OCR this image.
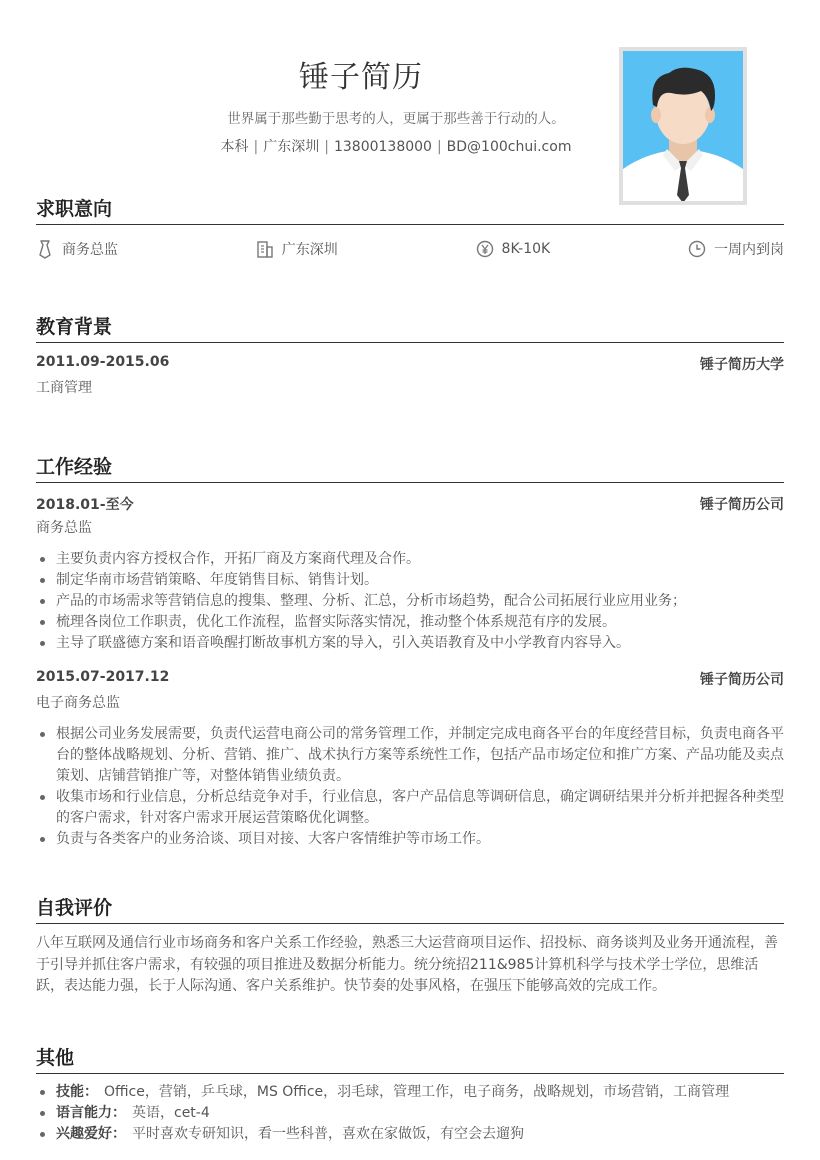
锤子简历
世界属于那些勤于思考的人，更属于那些善于行动的人。
本科 | 广东深圳 | 13800138000 | BD@100chui.com
求职意向
商务总监	广东深圳	8K-10K	一周内到岗
教育背景
2011.09-2015.06	锤子简历大学
工商管理
工作经验
2018.01-至今	锤子简历公司
商务总监
主要负责内容方授权合作，开拓厂商及方案商代理及合作。
制定华南市场营销策略、年度销售目标、销售计划。
产品的市场需求等营销信息的搜集、整理、分析、汇总，分析市场趋势，配合公司拓展行业应用业务；
梳理各岗位工作职责，优化工作流程，监督实际落实情况，推动整个体系规范有序的发展。
主导了联盛德方案和语音唤醒打断故事机方案的导入，引入英语教育及中小学教育内容导入。
2015.07-2017.12	锤子简历公司
电子商务总监
根据公司业务发展需要，负责代运营电商公司的常务管理工作，并制定完成电商各平台的年度经营目标，负责电商各平台的整体战略规划、分析、营销、推广、战术执行方案等系统性工作，包括产品市场定位和推广方案、产品功能及卖点策划、店铺营销推广等，对整体销售业绩负责。
收集市场和行业信息，分析总结竞争对手，行业信息，客户产品信息等调研信息，确定调研结果并分析并把握各种类型的客户需求，针对客户需求开展运营策略优化调整。
负责与各类客户的业务洽谈、项目对接、大客户客情维护等市场工作。
自我评价
八年互联网及通信行业市场商务和客户关系工作经验，熟悉三大运营商项目运作、招投标、商务谈判及业务开通流程，善于引导并抓住客户需求，有较强的项目推进及数据分析能力。统分统招211&985计算机科学与技术学士学位，思维活跃，表达能力强，长于人际沟通、客户关系维护。快节奏的处事风格，在强压下能够高效的完成工作。
其他
技能： Office，营销，乒乓球，MS Office，羽毛球，管理工作，电子商务，战略规划，市场营销，工商管理
语言能力： 英语，cet-4
兴趣爱好： 平时喜欢专研知识，看一些科普，喜欢在家做饭，有空会去遛狗
